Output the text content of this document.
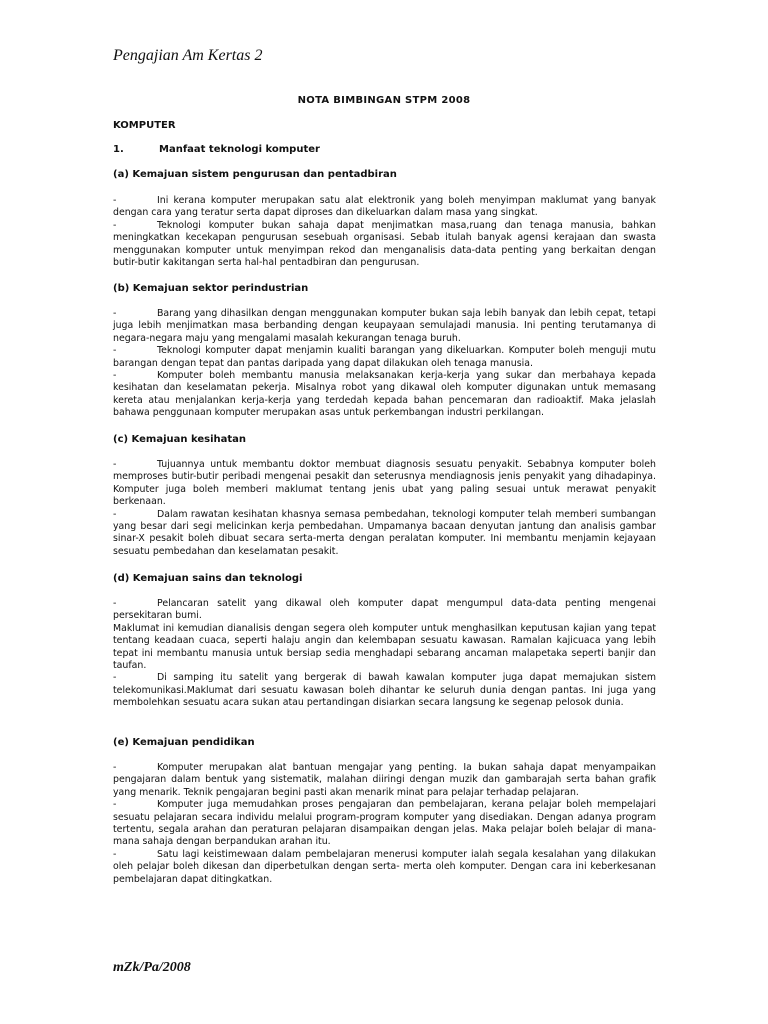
Pengajian Am Kertas 2
NOTA BIMBINGAN STPM 2008
KOMPUTER
1.	Manfaat teknologi komputer
(a) Kemajuan sistem pengurusan dan pentadbiran

-	Ini kerana komputer merupakan satu alat elektronik yang boleh menyimpan maklumat yang banyak dengan cara yang teratur serta dapat diproses dan dikeluarkan dalam masa yang singkat.

-	Teknologi komputer bukan sahaja dapat menjimatkan masa,ruang dan tenaga manusia, bahkan meningkatkan kecekapan pengurusan sesebuah organisasi. Sebab itulah banyak agensi kerajaan dan swasta menggunakan komputer untuk menyimpan rekod dan menganalisis data-data penting yang berkaitan dengan butir-butir kakitangan serta hal-hal pentadbiran dan pengurusan.

(b) Kemajuan sektor perindustrian

-	Barang yang dihasilkan dengan menggunakan komputer bukan saja lebih banyak dan lebih cepat, tetapi juga lebih menjimatkan masa berbanding dengan keupayaan semulajadi manusia. Ini penting terutamanya di negara-negara maju yang mengalami masalah kekurangan tenaga buruh.

-	Teknologi komputer dapat menjamin kualiti barangan yang dikeluarkan. Komputer boleh menguji mutu barangan dengan tepat dan pantas daripada yang dapat dilakukan oleh tenaga manusia.

-	Komputer boleh membantu manusia melaksanakan kerja-kerja yang sukar dan merbahaya kepada kesihatan dan keselamatan pekerja. Misalnya robot yang dikawal oleh komputer digunakan untuk memasang kereta atau menjalankan kerja-kerja yang terdedah kepada bahan pencemaran dan radioaktif. Maka jelaslah bahawa penggunaan komputer merupakan asas untuk perkembangan industri perkilangan.

(c) Kemajuan kesihatan

-	Tujuannya untuk membantu doktor membuat diagnosis sesuatu penyakit. Sebabnya komputer boleh memproses butir-butir peribadi mengenai pesakit dan seterusnya mendiagnosis jenis penyakit yang dihadapinya. Komputer juga boleh memberi maklumat tentang jenis ubat yang paling sesuai untuk merawat penyakit berkenaan.

-	Dalam rawatan kesihatan khasnya semasa pembedahan, teknologi komputer telah memberi sumbangan yang besar dari segi melicinkan kerja pembedahan. Umpamanya bacaan denyutan jantung dan analisis gambar sinar-X pesakit boleh dibuat secara serta-merta dengan peralatan komputer. Ini membantu menjamin kejayaan sesuatu pembedahan dan keselamatan pesakit.

(d) Kemajuan sains dan teknologi

-	Pelancaran satelit yang dikawal oleh komputer dapat mengumpul data-data penting mengenai persekitaran bumi.

Maklumat ini kemudian dianalisis dengan segera oleh komputer untuk menghasilkan keputusan kajian yang tepat tentang keadaan cuaca, seperti halaju angin dan kelembapan sesuatu kawasan. Ramalan kajicuaca yang lebih tepat ini membantu manusia untuk bersiap sedia menghadapi sebarang ancaman malapetaka seperti banjir dan taufan.

-	Di samping itu satelit yang bergerak di bawah kawalan komputer juga dapat memajukan sistem telekomunikasi.Maklumat dari sesuatu kawasan boleh dihantar ke seluruh dunia dengan pantas. Ini juga yang membolehkan sesuatu acara sukan atau pertandingan disiarkan secara langsung ke segenap pelosok dunia.

(e) Kemajuan pendidikan

-	Komputer merupakan alat bantuan mengajar yang penting. Ia bukan sahaja dapat menyampaikan pengajaran dalam bentuk yang sistematik, malahan diiringi dengan muzik dan gambarajah serta bahan grafik yang menarik. Teknik pengajaran begini pasti akan menarik minat para pelajar terhadap pelajaran.

-	Komputer juga memudahkan proses pengajaran dan pembelajaran, kerana pelajar boleh mempelajari sesuatu pelajaran secara individu melalui program-program komputer yang disediakan. Dengan adanya program tertentu, segala arahan dan peraturan pelajaran disampaikan dengan jelas. Maka pelajar boleh belajar di mana-mana sahaja dengan berpandukan arahan itu.

-	Satu lagi keistimewaan dalam pembelajaran menerusi komputer ialah segala kesalahan yang dilakukan oleh pelajar boleh dikesan dan diperbetulkan dengan serta- merta oleh komputer. Dengan cara ini keberkesanan pembelajaran dapat ditingkatkan.

mZk/Pa/2008
